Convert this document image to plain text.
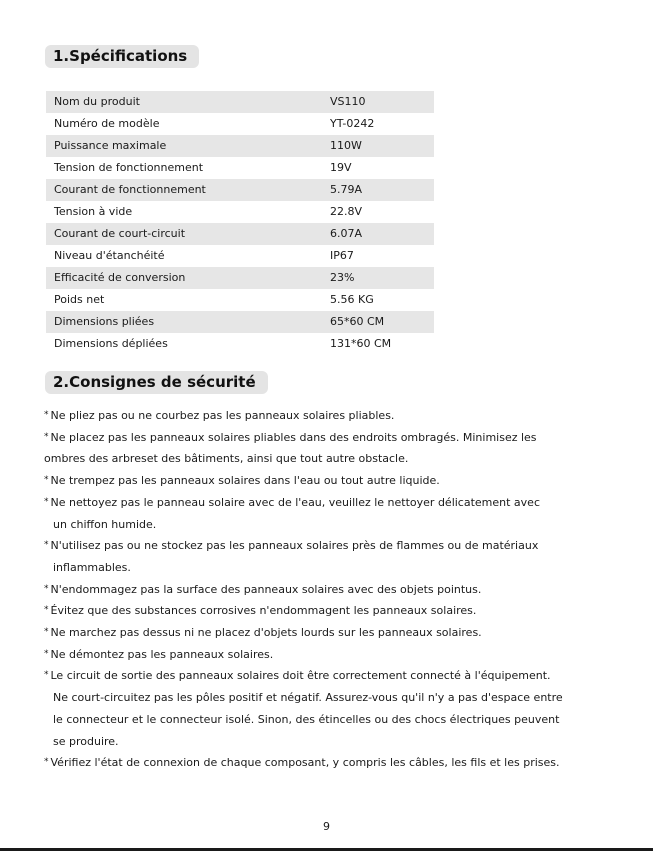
1.Spécifications
Nom du produit	VS110
Numéro de modèle	YT-0242
Puissance maximale	110W
Tension de fonctionnement	19V
Courant de fonctionnement	5.79A
Tension à vide	22.8V
Courant de court-circuit	6.07A
Niveau d'étanchéité	IP67
Efficacité de conversion	23%
Poids net	5.56 KG
Dimensions pliées	65*60 CM
Dimensions dépliées	131*60 CM
2.Consignes de sécurité
* Ne pliez pas ou ne courbez pas les panneaux solaires pliables.
* Ne placez pas les panneaux solaires pliables dans des endroits ombragés. Minimisez les
ombres des arbreset des bâtiments, ainsi que tout autre obstacle.
* Ne trempez pas les panneaux solaires dans l'eau ou tout autre liquide.
* Ne nettoyez pas le panneau solaire avec de l'eau, veuillez le nettoyer délicatement avec
un chiffon humide.
* N'utilisez pas ou ne stockez pas les panneaux solaires près de flammes ou de matériaux
inflammables.
* N'endommagez pas la surface des panneaux solaires avec des objets pointus.
* Évitez que des substances corrosives n'endommagent les panneaux solaires.
* Ne marchez pas dessus ni ne placez d'objets lourds sur les panneaux solaires.
* Ne démontez pas les panneaux solaires.
* Le circuit de sortie des panneaux solaires doit être correctement connecté à l'équipement.
Ne court-circuitez pas les pôles positif et négatif. Assurez-vous qu'il n'y a pas d'espace entre
le connecteur et le connecteur isolé. Sinon, des étincelles ou des chocs électriques peuvent
se produire.
* Vérifiez l'état de connexion de chaque composant, y compris les câbles, les fils et les prises.
9
